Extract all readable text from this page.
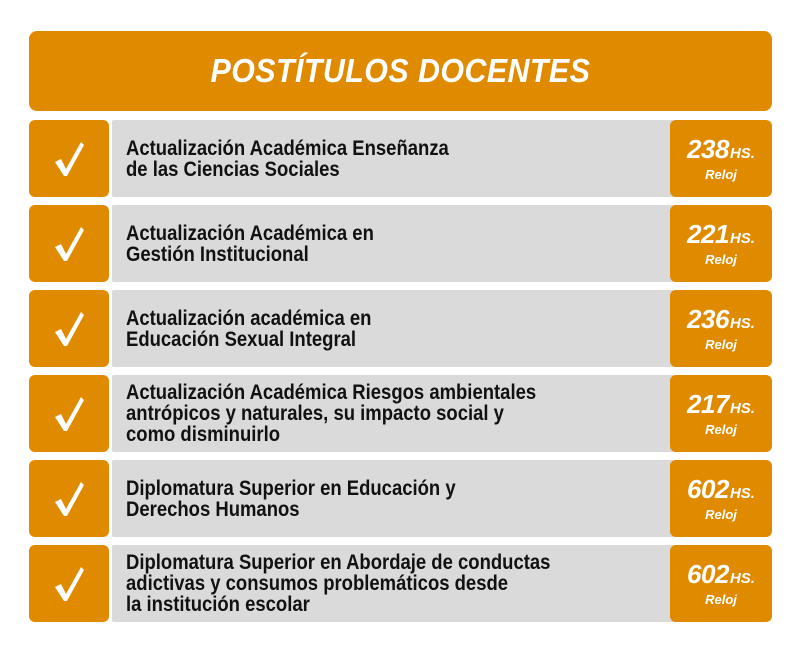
POSTÍTULOS DOCENTES
Actualización Académica Enseñanza
de las Ciencias Sociales
238 HS.
Reloj
Actualización Académica en
Gestión Institucional
221 HS.
Reloj
Actualización académica en
Educación Sexual Integral
236 HS.
Reloj
Actualización Académica Riesgos ambientales
antrópicos y naturales, su impacto social y
como disminuirlo
217 HS.
Reloj
Diplomatura Superior en Educación y
Derechos Humanos
602 HS.
Reloj
Diplomatura Superior en Abordaje de conductas
adictivas y consumos problemáticos desde
la institución escolar
602 HS.
Reloj
